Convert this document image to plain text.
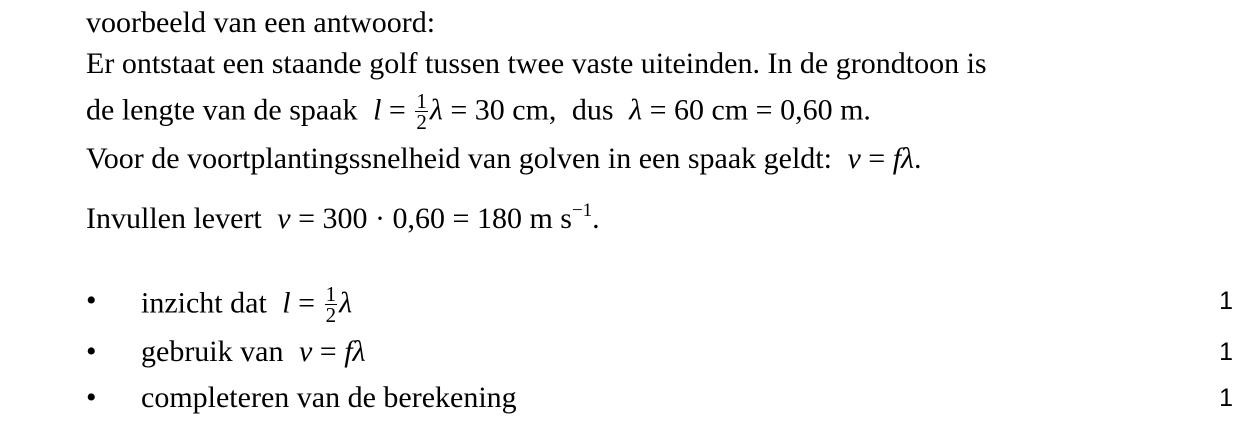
voorbeeld van een antwoord:
Er ontstaat een staande golf tussen twee vaste uiteinden. In de grondtoon is
de lengte van de spaak $l = \frac{1}{2}$ λ = 30 cm, dus λ = 60 cm = 0,60 m.
Voor de voortplantingssnelheid van golven in een spaak geldt: v = fλ.
Invullen levert v = 300 · 0,60 = 180 m $s^{-1}$.
• inzicht dat $l = \frac{1}{2}$ λ	1
• gebruik van v = fλ	1
• completeren van de berekening	1
